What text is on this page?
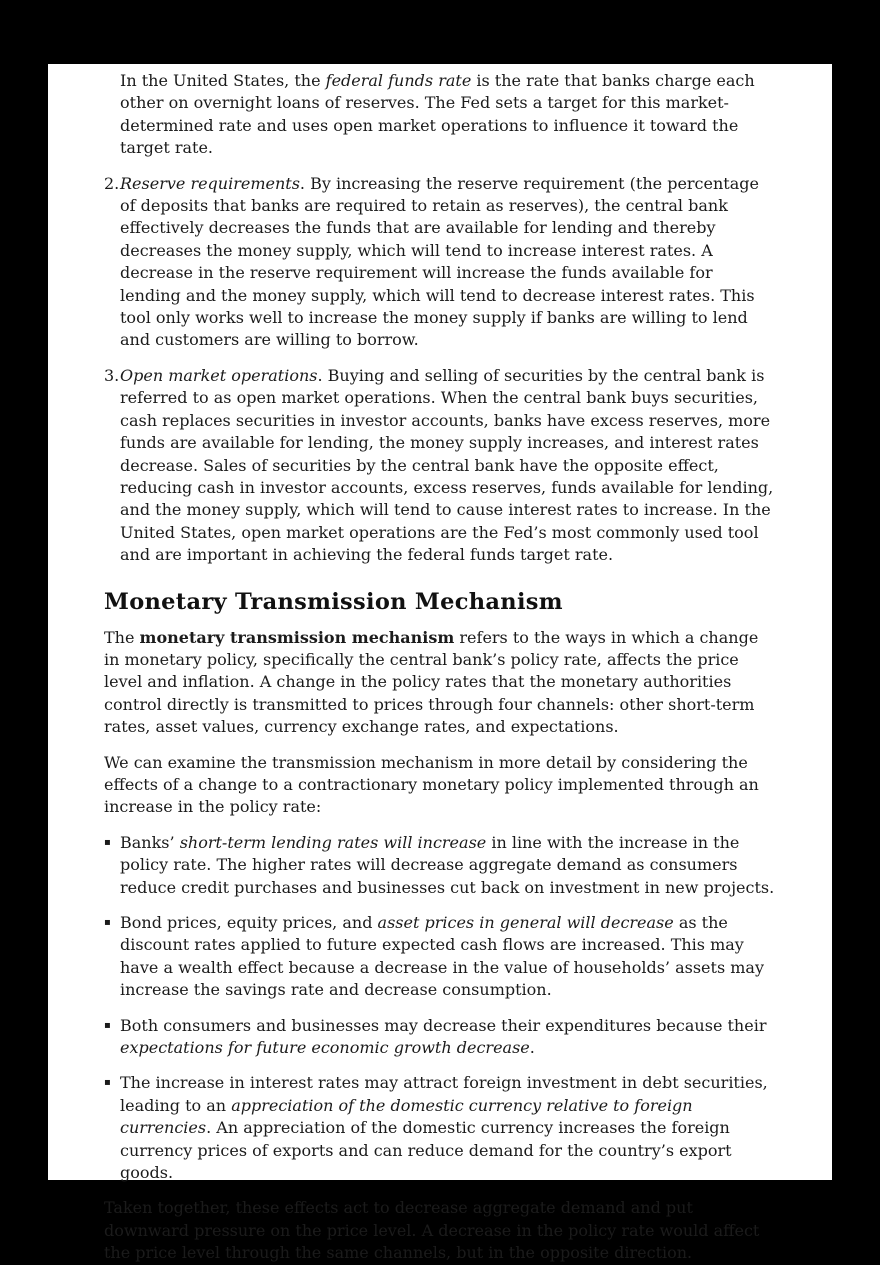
In the United States, the federal funds rate is the rate that banks charge each other on overnight loans of reserves. The Fed sets a target for this market-determined rate and uses open market operations to influence it toward the target rate.

2. Reserve requirements. By increasing the reserve requirement (the percentage of deposits that banks are required to retain as reserves), the central bank effectively decreases the funds that are available for lending and thereby decreases the money supply, which will tend to increase interest rates. A decrease in the reserve requirement will increase the funds available for lending and the money supply, which will tend to decrease interest rates. This tool only works well to increase the money supply if banks are willing to lend and customers are willing to borrow.
3. Open market operations. Buying and selling of securities by the central bank is referred to as open market operations. When the central bank buys securities, cash replaces securities in investor accounts, banks have excess reserves, more funds are available for lending, the money supply increases, and interest rates decrease. Sales of securities by the central bank have the opposite effect, reducing cash in investor accounts, excess reserves, funds available for lending, and the money supply, which will tend to cause interest rates to increase. In the United States, open market operations are the Fed’s most commonly used tool and are important in achieving the federal funds target rate.
Monetary Transmission Mechanism

The monetary transmission mechanism refers to the ways in which a change in monetary policy, specifically the central bank’s policy rate, affects the price level and inflation. A change in the policy rates that the monetary authorities control directly is transmitted to prices through four channels: other short-term rates, asset values, currency exchange rates, and expectations.

We can examine the transmission mechanism in more detail by considering the effects of a change to a contractionary monetary policy implemented through an increase in the policy rate:

▪ Banks’ short-term lending rates will increase in line with the increase in the policy rate. The higher rates will decrease aggregate demand as consumers reduce credit purchases and businesses cut back on investment in new projects.
▪ Bond prices, equity prices, and asset prices in general will decrease as the discount rates applied to future expected cash flows are increased. This may have a wealth effect because a decrease in the value of households’ assets may increase the savings rate and decrease consumption.
▪ Both consumers and businesses may decrease their expenditures because their expectations for future economic growth decrease.
▪ The increase in interest rates may attract foreign investment in debt securities, leading to an appreciation of the domestic currency relative to foreign currencies. An appreciation of the domestic currency increases the foreign currency prices of exports and can reduce demand for the country’s export goods.

Taken together, these effects act to decrease aggregate demand and put downward pressure on the price level. A decrease in the policy rate would affect the price level through the same channels, but in the opposite direction.
